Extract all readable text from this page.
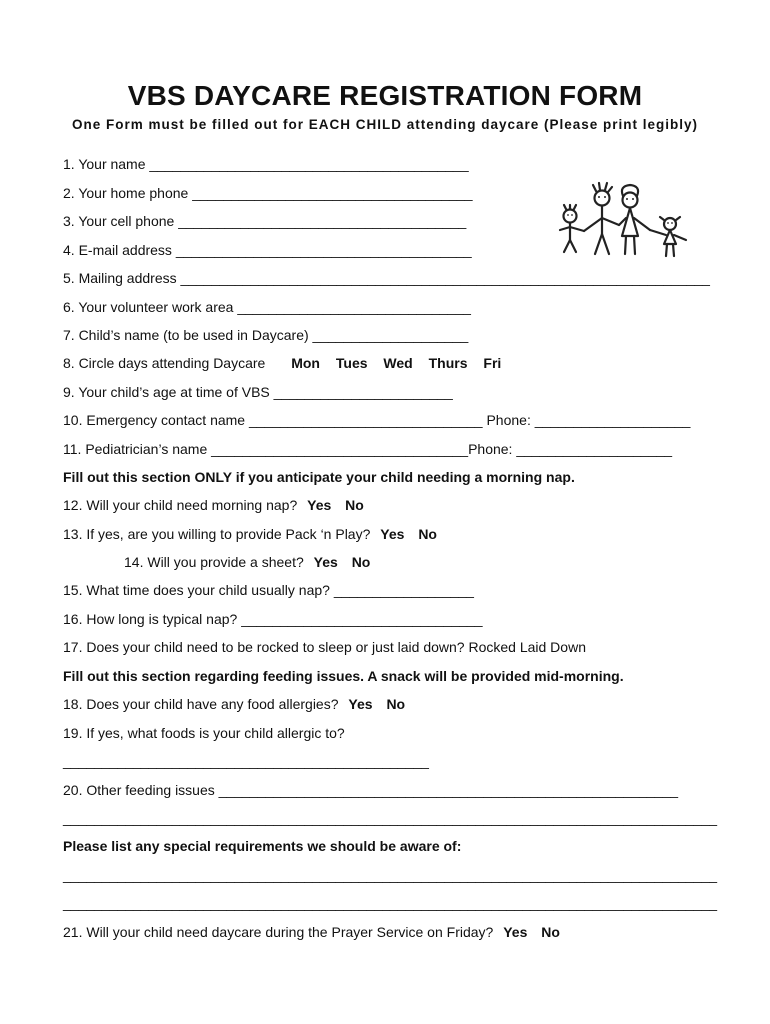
VBS DAYCARE REGISTRATION FORM
One Form must be filled out for EACH CHILD attending daycare (Please print legibly)
1. Your name _________________________________________
2. Your home phone ____________________________________
3. Your cell phone _____________________________________
4. E-mail address ______________________________________
5. Mailing address ____________________________________________________________________
6. Your volunteer work area ______________________________
7. Child’s name (to be used in Daycare) ____________________
8. Circle days attending Daycare Mon Tues Wed Thurs Fri
9. Your child’s age at time of VBS _______________________
10. Emergency contact name ______________________________ Phone: ____________________
11. Pediatrician’s name _________________________________Phone: ____________________
Fill out this section ONLY if you anticipate your child needing a morning nap.
12. Will your child need morning nap? Yes No
13. If yes, are you willing to provide Pack ‘n Play? Yes No
14. Will you provide a sheet? Yes No
15. What time does your child usually nap? __________________
16. How long is typical nap? _______________________________
17. Does your child need to be rocked to sleep or just laid down? Rocked Laid Down
Fill out this section regarding feeding issues. A snack will be provided mid-morning.
18. Does your child have any food allergies? Yes No
19. If yes, what foods is your child allergic to?
_______________________________________________
20. Other feeding issues ___________________________________________________________
____________________________________________________________________________________
Please list any special requirements we should be aware of:
____________________________________________________________________________________
____________________________________________________________________________________
21. Will your child need daycare during the Prayer Service on Friday? Yes No
